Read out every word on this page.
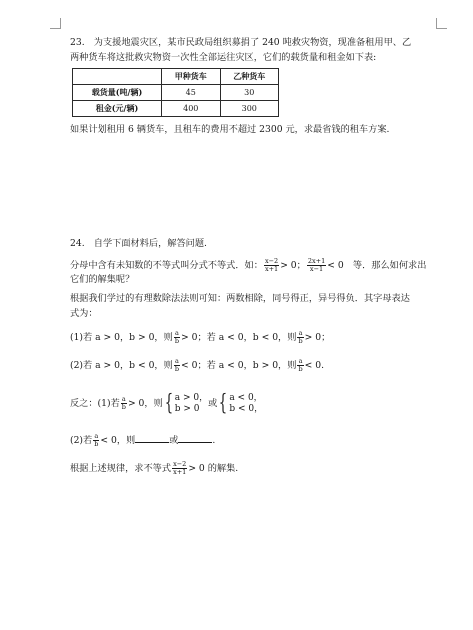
23.　为支援地震灾区，某市民政局组织募捐了 240 吨救灾物资，现准备租用甲、乙
两种货车将这批救灾物资一次性全部运往灾区，它们的载货量和租金如下表:
	甲种货车	乙种货车
载货量(吨/辆)	45	30
租金(元/辆)	400	300
如果计划租用 6 辆货车，且租车的费用不超过 2300 元，求最省钱的租车方案.
24.　自学下面材料后，解答问题.
分母中含有未知数的不等式叫分式不等式．如： $\frac{x-2}{x+1} > 0$； $\frac{2x+1}{x-1} < 0$　等．那么如何求出
它们的解集呢？
根据我们学过的有理数除法法则可知：两数相除，同号得正，异号得负．其字母表达
式为：
(1)若 a > 0，b > 0，则 $\frac{a}{b} > 0$；若 a < 0，b < 0，则 $\frac{a}{b} > 0$；
(2)若 a > 0，b < 0，则 $\frac{a}{b} < 0$；若 a < 0，b > 0，则 $\frac{a}{b} < 0$.
反之：(1)若 $\frac{a}{b} > 0$，则{ a > 0，
b > 0 或{ a < 0，
b < 0，
(2)若 $\frac{a}{b} < 0$，则	或	.
根据上述规律，求不等式 $\frac{x-2}{x+1} > 0$ 的解集.
